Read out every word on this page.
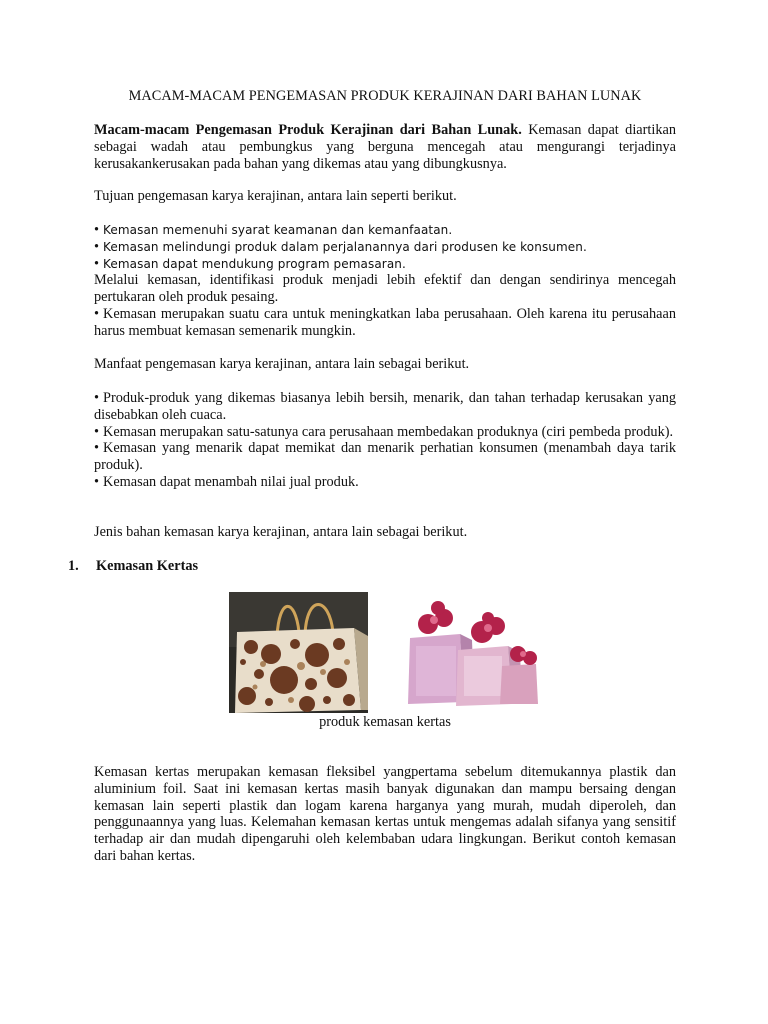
MACAM-MACAM PENGEMASAN PRODUK KERAJINAN DARI BAHAN LUNAK

Macam-macam Pengemasan Produk Kerajinan dari Bahan Lunak. Kemasan dapat diartikan sebagai wadah atau pembungkus yang berguna mencegah atau mengurangi terjadinya kerusakankerusakan pada bahan yang dikemas atau yang dibungkusnya.

Tujuan pengemasan karya kerajinan, antara lain seperti berikut.

• Kemasan memenuhi syarat keamanan dan kemanfaatan.
• Kemasan melindungi produk dalam perjalanannya dari produsen ke konsumen.
• Kemasan dapat mendukung program pemasaran.

Melalui kemasan, identifikasi produk menjadi lebih efektif dan dengan sendirinya mencegah pertukaran oleh produk pesaing.

• Kemasan merupakan suatu cara untuk meningkatkan laba perusahaan. Oleh karena itu perusahaan harus membuat kemasan semenarik mungkin.

Manfaat pengemasan karya kerajinan, antara lain sebagai berikut.

• Produk-produk yang dikemas biasanya lebih bersih, menarik, dan tahan terhadap kerusakan yang disebabkan oleh cuaca.
• Kemasan merupakan satu-satunya cara perusahaan membedakan produknya (ciri pembeda produk).
• Kemasan yang menarik dapat memikat dan menarik perhatian konsumen (menambah daya tarik produk).
• Kemasan dapat menambah nilai jual produk.

Jenis bahan kemasan karya kerajinan, antara lain sebagai berikut.

1. Kemasan Kertas
produk kemasan kertas

Kemasan kertas merupakan kemasan fleksibel yangpertama sebelum ditemukannya plastik dan aluminium foil. Saat ini kemasan kertas masih banyak digunakan dan mampu bersaing dengan kemasan lain seperti plastik dan logam karena harganya yang murah, mudah diperoleh, dan penggunaannya yang luas. Kelemahan kemasan kertas untuk mengemas adalah sifanya yang sensitif terhadap air dan mudah dipengaruhi oleh kelembaban udara lingkungan. Berikut contoh kemasan dari bahan kertas.
